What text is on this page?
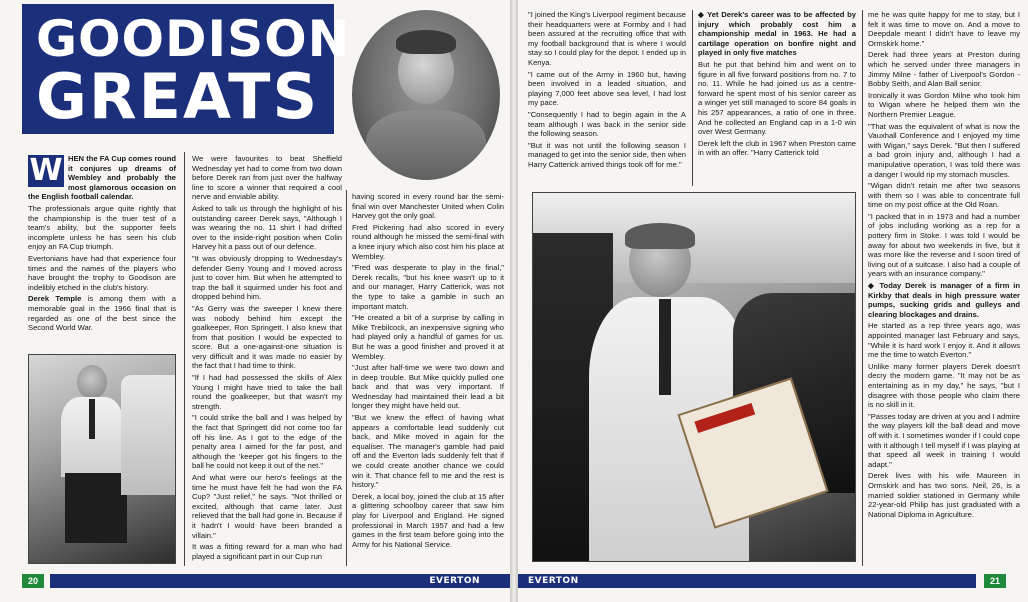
GOODISON
GREATS

W HEN the FA Cup comes round it conjures up dreams of Wembley and probably the most glamorous occasion on the English football calendar.

The professionals argue quite rightly that the championship is the truer test of a team's ability, but the supporter feels incomplete unless he has seen his club enjoy an FA Cup triumph.

Evertonians have had that experience four times and the names of the players who have brought the trophy to Goodison are indelibly etched in the club's history.

Derek Temple is among them with a memorable goal in the 1966 final that is regarded as one of the best since the Second World War.

We were favourites to beat Sheffield Wednesday yet had to come from two down before Derek ran from just over the halfway line to score a winner that required a cool nerve and enviable ability.

Asked to talk us through the highlight of his outstanding career Derek says, "Although I was wearing the no. 11 shirt I had drifted over to the inside-right position when Colin Harvey hit a pass out of our defence.

"It was obviously dropping to Wednesday's defender Gerry Young and I moved across just to cover him. But when he attempted to trap the ball it squirmed under his foot and dropped behind him.

"As Gerry was the sweeper I knew there was nobody behind him except the goalkeeper, Ron Springett. I also knew that from that position I would be expected to score. But a one-against-one situation is very difficult and it was made no easier by the fact that I had time to think.

"If I had had possessed the skills of Alex Young I might have tried to take the ball round the goalkeeper, but that wasn't my strength.

"I could strike the ball and I was helped by the fact that Springett did not come too far off his line. As I got to the edge of the penalty area I aimed for the far post, and although the 'keeper got his fingers to the ball he could not keep it out of the net."

And what were our hero's feelings at the time he must have felt he had won the FA Cup? "Just relief," he says. "Not thrilled or excited, although that came later. Just relieved that the ball had gone in. Because if it hadn't I would have been branded a villain."

It was a fitting reward for a man who had played a significant part in our Cup run

having scored in every round bar the semi-final win over Manchester United when Colin Harvey got the only goal.

Fred Pickering had also scored in every round although he missed the semi-final with a knee injury which also cost him his place at Wembley.

"Fred was desperate to play in the final," Derek recalls, "but his knee wasn't up to it and our manager, Harry Catterick, was not the type to take a gamble in such an important match.

"He created a bit of a surprise by calling in Mike Trebilcock, an inexpensive signing who had played only a handful of games for us. But he was a good finisher and proved it at Wembley.

"Just after half-time we were two down and in deep trouble. But Mike quickly pulled one back and that was very important. If Wednesday had maintained their lead a bit longer they might have held out.

"But we knew the effect of having what appears a comfortable lead suddenly cut back, and Mike moved in again for the equaliser. The manager's gamble had paid off and the Everton lads suddenly felt that if we could create another chance we could win it. That chance fell to me and the rest is history."

Derek, a local boy, joined the club at 15 after a glittering schoolboy career that saw him play for Liverpool and England. He signed professional in March 1957 and had a few games in the first team before going into the Army for his National Service.

20	EVERTON

"I joined the King's Liverpool regiment because their headquarters were at Formby and I had been assured at the recruiting office that with my football background that is where I would stay so I could play for the depot. I ended up in Kenya.

"I came out of the Army in 1960 but, having been involved in a leaded situation, and playing 7,000 feet above sea level, I had lost my pace.

"Consequently I had to begin again in the A team although I was back in the senior side the following season.

"But it was not until the following season I managed to get into the senior side, then when Harry Catterick arrived things took off for me."

◆ Yet Derek's career was to be affected by injury which probably cost him a championship medal in 1963. He had a cartilage operation on bonfire night and played in only five matches

But he put that behind him and went on to figure in all five forward positions from no. 7 to no. 11. While he had joined us as a centre-forward he spent most of his senior career as a winger yet still managed to score 84 goals in his 257 appearances, a ratio of one in three. And he collected an England cap in a 1-0 win over West Germany.

Derek left the club in 1967 when Preston came in with an offer. "Harry Catterick told

me he was quite happy for me to stay, but I felt it was time to move on. And a move to Deepdale meant I didn't have to leave my Ormskirk home."

Derek had three years at Preston during which he served under three managers in Jimmy Milne - father of Liverpool's Gordon - Bobby Seith, and Alan Ball senior.

Ironically it was Gordon Milne who took him to Wigan where he helped them win the Northern Premier League.

"That was the equivalent of what is now the Vauxhall Conference and I enjoyed my time with Wigan," says Derek. "But then I suffered a bad groin injury and, although I had a manipulative operation, I was told there was a danger I would rip my stomach muscles.

"Wigan didn't retain me after two seasons with them so I was able to concentrate full time on my post office at the Old Roan.

"I packed that in in 1973 and had a number of jobs including working as a rep for a pottery firm in Stoke. I was told I would be away for about two weekends in five, but it was more like the reverse and I soon tired of living out of a suitcase. I also had a couple of years with an insurance company."

◆ Today Derek is manager of a firm in Kirkby that deals in high pressure water pumps, sucking grids and gulleys and clearing blockages and drains.

He started as a rep three years ago, was appointed manager last February and says, "While it is hard work I enjoy it. And it allows me the time to watch Everton."

Unlike many former players Derek doesn't decry the modern game. "It may not be as entertaining as in my day," he says, "but I disagree with those people who claim there is no skill in it.

"Passes today are driven at you and I admire the way players kill the ball dead and move off with it. I sometimes wonder if I could cope with it although I tell myself if I was playing at that speed all week in training I would adapt."

Derek lives with his wife Maureen in Ormskirk and has two sons. Neil, 26, is a married soldier stationed in Germany while 22-year-old Philip has just graduated with a National Diploma in Agriculture.

EVERTON	21
